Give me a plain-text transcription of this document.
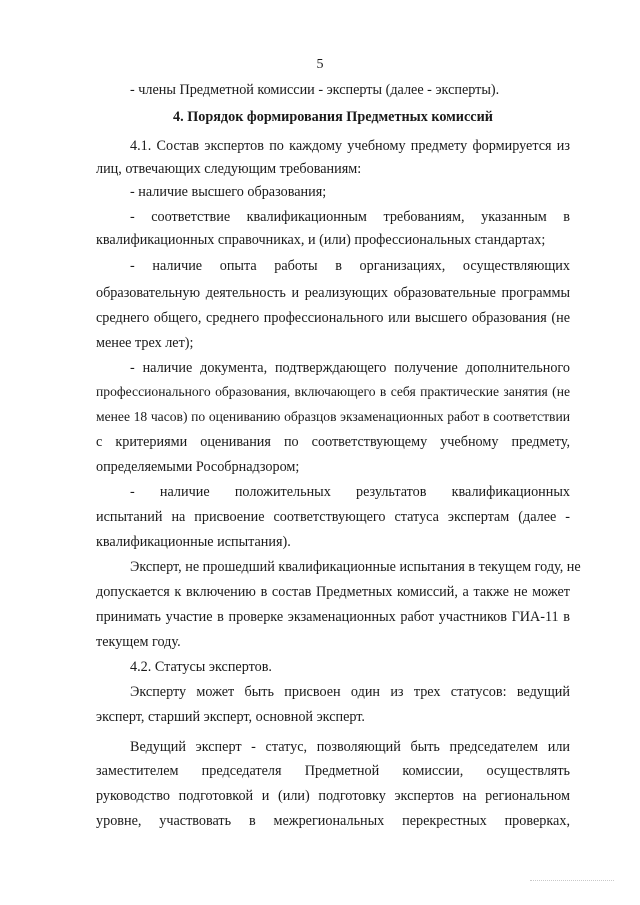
5
- члены Предметной комиссии - эксперты (далее - эксперты).
4. Порядок формирования Предметных комиссий
4.1. Состав экспертов по каждому учебному предмету формируется из
лиц, отвечающих следующим требованиям:
- наличие высшего образования;
- соответствие квалификационным требованиям, указанным в
квалификационных справочниках, и (или) профессиональных стандартах;
- наличие опыта работы в организациях, осуществляющих
образовательную деятельность и реализующих образовательные программы
среднего общего, среднего профессионального или высшего образования (не
менее трех лет);
- наличие документа, подтверждающего получение дополнительного
профессионального образования, включающего в себя практические занятия (не
менее 18 часов) по оцениванию образцов экзаменационных работ в соответствии
с критериями оценивания по соответствующему учебному предмету,
определяемыми Рособрнадзором;
- наличие положительных результатов квалификационных
испытаний на присвоение соответствующего статуса экспертам (далее -
квалификационные испытания).
Эксперт, не прошедший квалификационные испытания в текущем году, не
допускается к включению в состав Предметных комиссий, а также не может
принимать участие в проверке экзаменационных работ участников ГИА-11 в
текущем году.
4.2. Статусы экспертов.
Эксперту может быть присвоен один из трех статусов: ведущий
эксперт, старший эксперт, основной эксперт.
Ведущий эксперт - статус, позволяющий быть председателем или
заместителем председателя Предметной комиссии, осуществлять
руководство подготовкой и (или) подготовку экспертов на региональном
уровне, участвовать в межрегиональных перекрестных проверках,
